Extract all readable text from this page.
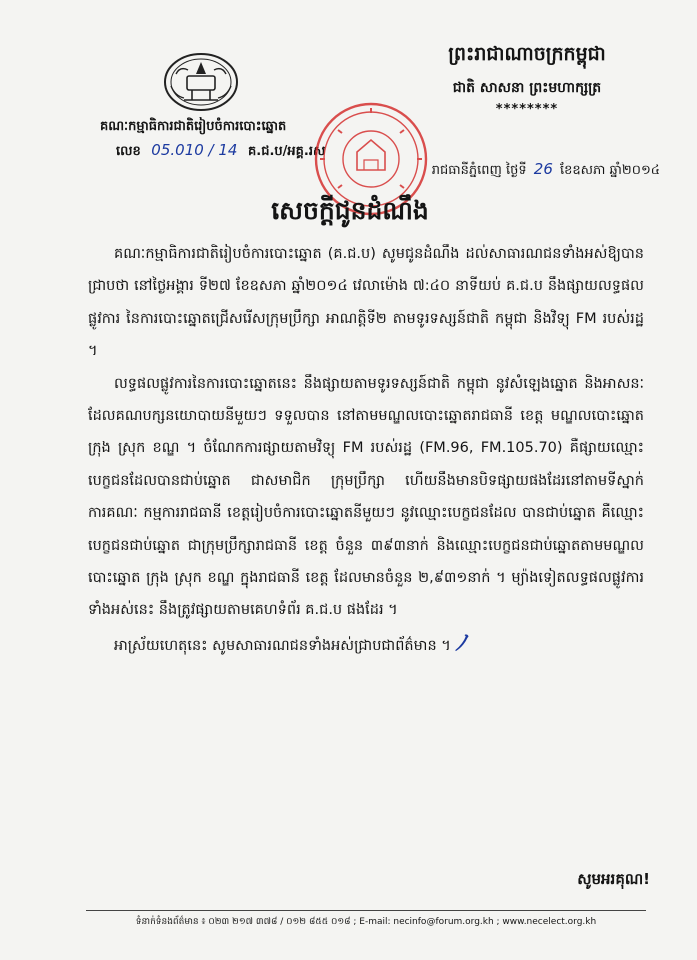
គណៈកម្មាធិការជាតិរៀបចំការបោះឆ្នោត
លេខ 05.010 / 14 គ.ជ.ប/អគ្គ.រស
ព្រះរាជាណាចក្រកម្ពុជា
ជាតិ សាសនា ព្រះមហាក្សត្រ
********
រាជធានីភ្នំពេញ ថ្ងៃទី 26 ខែឧសភា ឆ្នាំ២០១៤
សេចក្ដីជូនដំណឹង

គណៈកម្មាធិការជាតិរៀបចំការបោះឆ្នោត (គ.ជ.ប) សូមជូនដំណឹង ដល់សាធារណជនទាំងអស់ឱ្យបានជ្រាបថា នៅថ្ងៃអង្គារ ទី២៧ ខែឧសភា ឆ្នាំ២០១៤ វេលាម៉ោង ៧:៤០ នាទីយប់ គ.ជ.ប នឹងផ្សាយលទ្ធផលផ្លូវការ នៃការបោះឆ្នោតជ្រើសរើសក្រុមប្រឹក្សា អាណត្តិទី២ តាមទូរទស្សន៍ជាតិ កម្ពុជា និងវិទ្យុ FM របស់រដ្ឋ ។

លទ្ធផលផ្លូវការនៃការបោះឆ្នោតនេះ នឹងផ្សាយតាមទូរទស្សន៍ជាតិ កម្ពុជា នូវសំឡេងឆ្នោត និងអាសនៈដែលគណបក្សនយោបាយនីមួយៗ ទទួលបាន នៅតាមមណ្ឌលបោះឆ្នោតរាជធានី ខេត្ត មណ្ឌលបោះឆ្នោត ក្រុង ស្រុក ខណ្ឌ ។ ចំណែកការផ្សាយតាមវិទ្យុ FM របស់រដ្ឋ (FM.96, FM.105.70) គឺផ្សាយឈ្មោះបេក្ខជនដែលបានជាប់ឆ្នោត ជាសមាជិក ក្រុមប្រឹក្សា ហើយនឹងមានបិទផ្សាយផងដែរនៅតាមទីស្នាក់ការគណៈ កម្មការរាជធានី ខេត្តរៀបចំការបោះឆ្នោតនីមួយៗ នូវឈ្មោះបេក្ខជនដែល បានជាប់ឆ្នោត គឺឈ្មោះបេក្ខជនជាប់ឆ្នោត ជាក្រុមប្រឹក្សារាជធានី ខេត្ត ចំនួន ៣៩៣នាក់ និងឈ្មោះបេក្ខជនជាប់ឆ្នោតតាមមណ្ឌលបោះឆ្នោត ក្រុង ស្រុក ខណ្ឌ ក្នុងរាជធានី ខេត្ត ដែលមានចំនួន ២,៩៣១នាក់ ។ ម្យ៉ាងទៀតលទ្ធផលផ្លូវការទាំងអស់នេះ នឹងត្រូវផ្សាយតាមគេហទំព័រ គ.ជ.ប ផងដែរ ។

អាស្រ័យហេតុនេះ សូមសាធារណជនទាំងអស់ជ្រាបជាព័ត៌មាន ។ ﾉ
សូមអរគុណ!
ទំនាក់ទំនងព័ត៌មាន ៖ ០២៣ ២១៧ ៣៧៨ / ០១២ ៨៥៥ ០១៨ ; E-mail: necinfo@forum.org.kh ; www.necelect.org.kh
